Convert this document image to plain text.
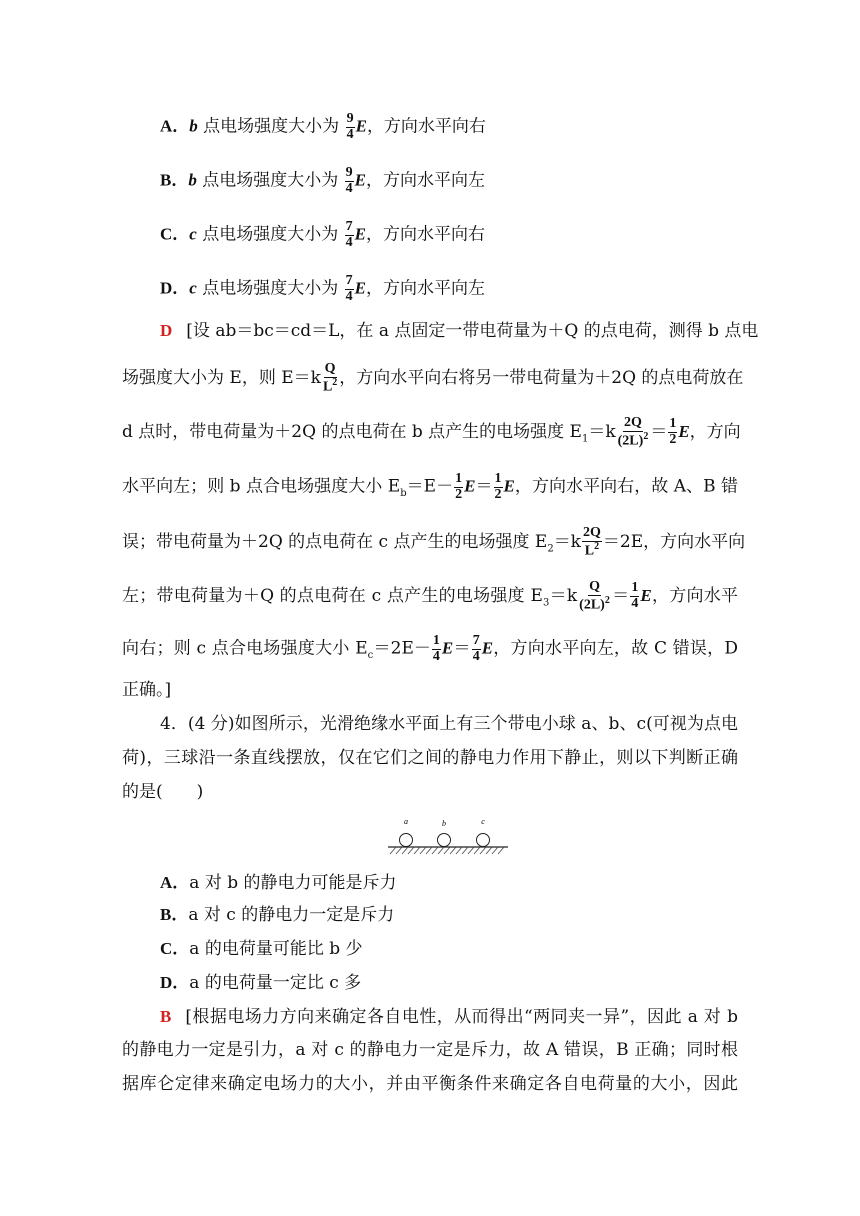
A．b 点电场强度大小为 $\frac{9}{4}$ E，方向水平向右
B．b 点电场强度大小为 $\frac{9}{4}$ E，方向水平向左
C．c 点电场强度大小为 $\frac{7}{4}$ E，方向水平向右
D．c 点电场强度大小为 $\frac{7}{4}$ E，方向水平向左
D [设 ab＝bc＝cd＝L，在 a 点固定一带电荷量为＋Q 的点电荷，测得 b 点电
场强度大小为 E，则 $E=k \frac{Q}{L^2}$ ，方向水平向右将另一带电荷量为＋2Q 的点电荷放在
d 点时，带电荷量为＋2Q 的点电荷在 b 点产生的电场强度 $E_1=k \frac{2Q}{(2L)^2} = \frac{1}{2}$ E，方向
水平向左；则 b 点合电场强度大小 $E_b=E- \frac{1}{2} E= \frac{1}{2}$ E，方向水平向右，故 A、B 错
误；带电荷量为＋2Q 的点电荷在 c 点产生的电场强度 $E_2=k \frac{2Q}{L^2} =2E$，方向水平向
左；带电荷量为＋Q 的点电荷在 c 点产生的电场强度 $E_3=k \frac{Q}{(2L)^2} = \frac{1}{4}$ E，方向水平
向右；则 c 点合电场强度大小 $E_c=2E- \frac{1}{4} E= \frac{7}{4}$ E，方向水平向左，故 C 错误，D
正确。]
4．(4 分)如图所示，光滑绝缘水平面上有三个带电小球 a、b、c(可视为点电
荷)，三球沿一条直线摆放，仅在它们之间的静电力作用下静止，则以下判断正确
的是(　　)
a	b	c
A．a 对 b 的静电力可能是斥力
B．a 对 c 的静电力一定是斥力
C．a 的电荷量可能比 b 少
D．a 的电荷量一定比 c 多
B [根据电场力方向来确定各自电性，从而得出“两同夹一异”，因此 a 对 b
的静电力一定是引力，a 对 c 的静电力一定是斥力，故 A 错误，B 正确；同时根
据库仑定律来确定电场力的大小，并由平衡条件来确定各自电荷量的大小，因此
